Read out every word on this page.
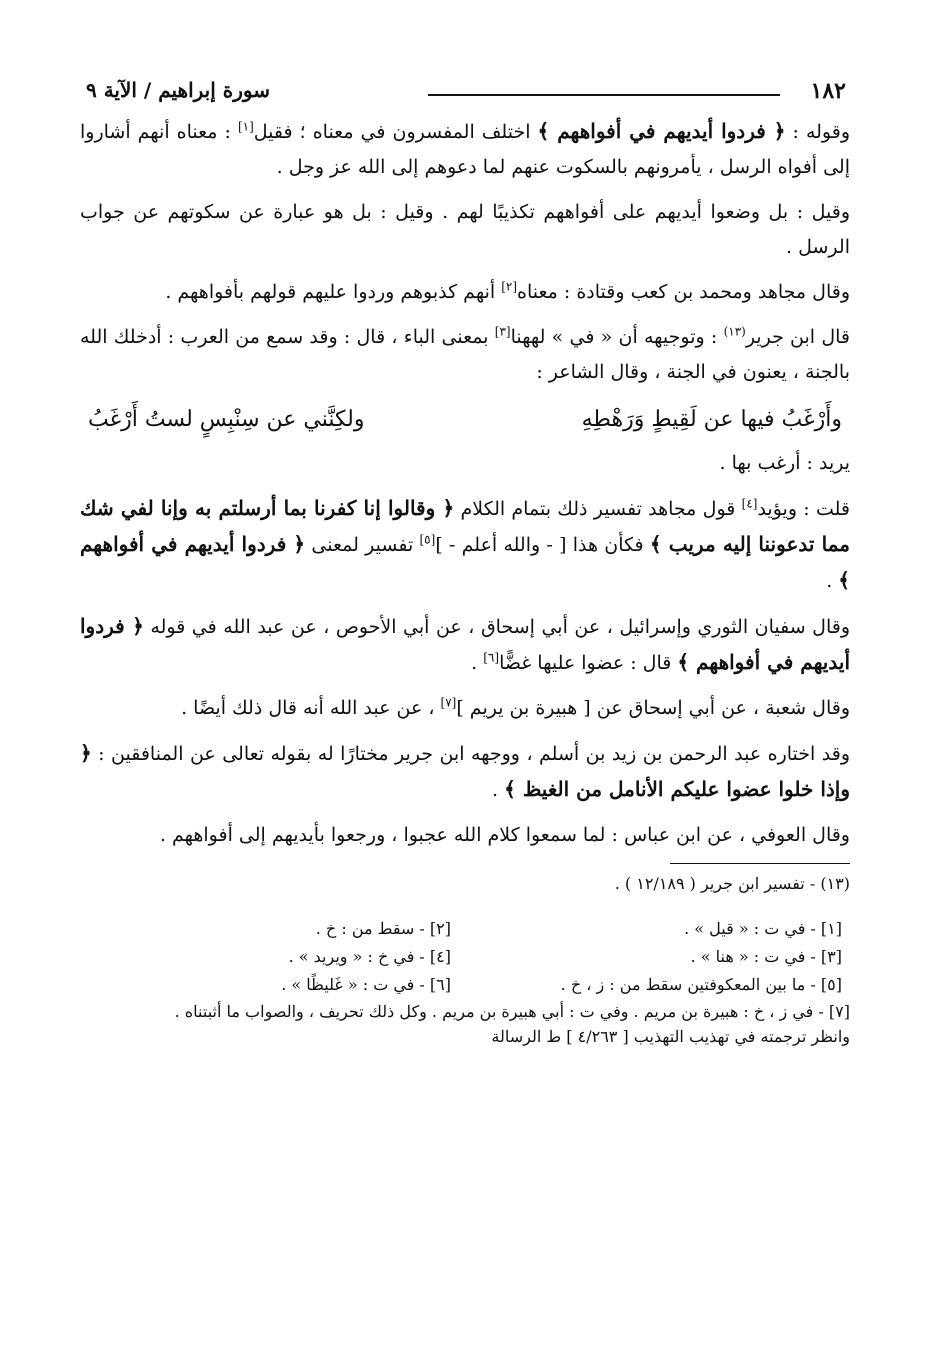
١٨٢
سورة إبراهيم / الآية ٩

وقوله : ﴿ فردوا أيديهم في أفواههم ﴾ اختلف المفسرون في معناه ؛ فقيل[١] : معناه أنهم أشاروا إلى أفواه الرسل ، يأمرونهم بالسكوت عنهم لما دعوهم إلى الله عز وجل .

وقيل : بل وضعوا أيديهم على أفواههم تكذيبًا لهم . وقيل : بل هو عبارة عن سكوتهم عن جواب الرسل .

وقال مجاهد ومحمد بن كعب وقتادة : معناه[٢] أنهم كذبوهم وردوا عليهم قولهم بأفواههم .

قال ابن جرير$^{(١٣)}$ : وتوجيهه أن « في » لههنا[٣] بمعنى الباء ، قال : وقد سمع من العرب : أدخلك الله بالجنة ، يعنون في الجنة ، وقال الشاعر :

وأَرْغَبُ فيها عن لَقِيطٍ وَرَهْطِهِ
ولكِنَّني عن سِنْبِسٍ لستُ أَرْغَبُ

يريد : أرغب بها .

قلت : ويؤيد[٤] قول مجاهد تفسير ذلك بتمام الكلام ﴿ وقالوا إنا كفرنا بما أرسلتم به وإنا لفي شك مما تدعوننا إليه مريب ﴾ فكأن هذا [ - والله أعلم - ][٥] تفسير لمعنى ﴿ فردوا أيديهم في أفواههم ﴾ .

وقال سفيان الثوري وإسرائيل ، عن أبي إسحاق ، عن أبي الأحوص ، عن عبد الله في قوله ﴿ فردوا أيديهم في أفواههم ﴾ قال : عضوا عليها غضًّا[٦] .

وقال شعبة ، عن أبي إسحاق عن [ هبيرة بن يريم ][٧] ، عن عبد الله أنه قال ذلك أيضًا .

وقد اختاره عبد الرحمن بن زيد بن أسلم ، ووجهه ابن جرير مختارًا له بقوله تعالى عن المنافقين : ﴿ وإذا خلوا عضوا عليكم الأنامل من الغيظ ﴾ .

وقال العوفي ، عن ابن عباس : لما سمعوا كلام الله عجبوا ، ورجعوا بأيديهم إلى أفواههم .

(١٣) - تفسير ابن جرير ( ١٢/١٨٩ ) .
[١] - في ت : « قيل » .
[٢] - سقط من : خ .
[٣] - في ت : « هنا » .
[٤] - في خ : « ويريد » .
[٥] - ما بين المعكوفتين سقط من : ز ، خ .
[٦] - في ت : « غَليظًا » .
[٧] - في ز ، خ : هبيرة بن مريم . وفي ت : أبي هبيرة بن مريم . وكل ذلك تحريف ، والصواب ما أثبتناه .
وانظر ترجمته في تهذيب التهذيب [ ٤/٢٦٣ ] ط الرسالة
